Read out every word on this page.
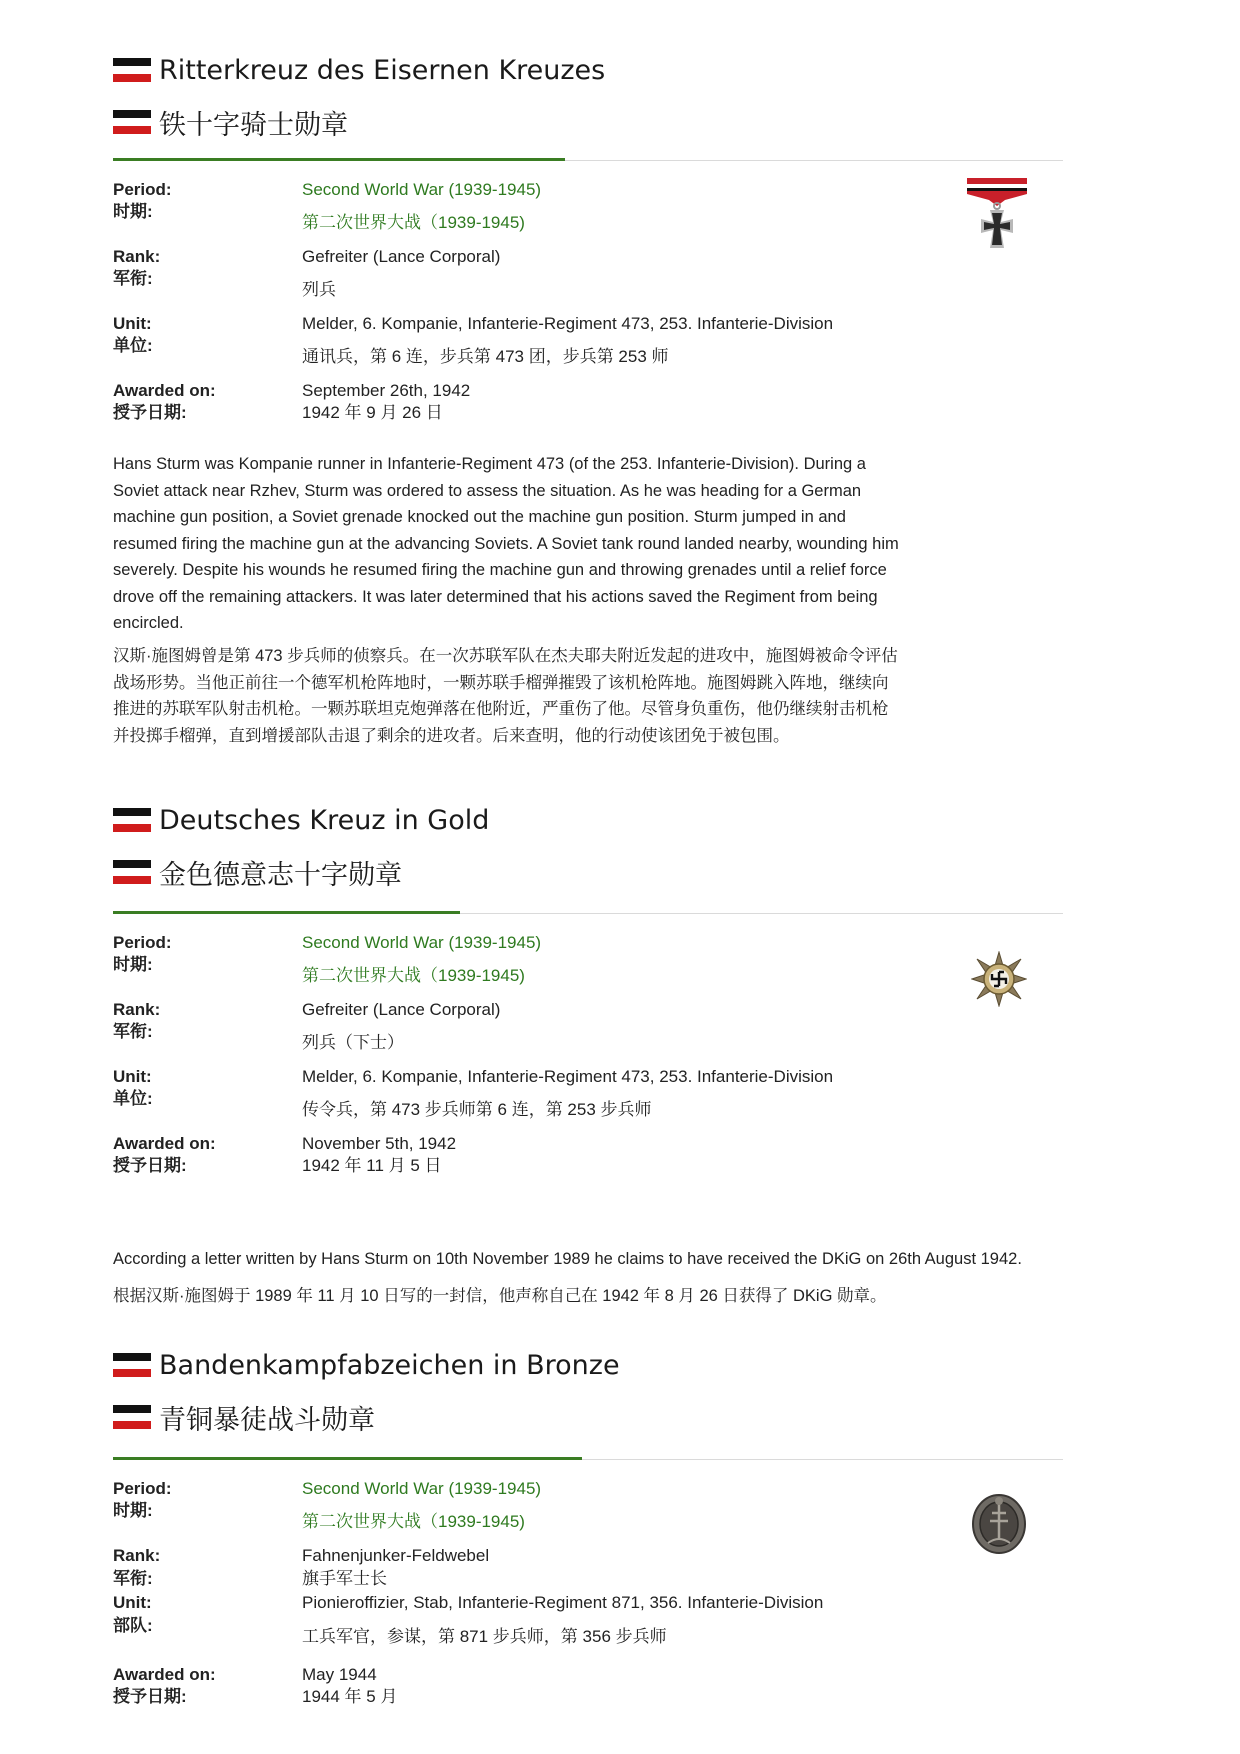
Ritterkreuz des Eisernen Kreuzes
铁十字骑士勋章
Period:
时期:
Second World War (1939-1945)
第二次世界大战（1939-1945)
Rank:
军衔:
Gefreiter (Lance Corporal)
列兵
Unit:
单位:
Melder, 6. Kompanie, Infanterie-Regiment 473, 253. Infanterie-Division
通讯兵，第 6 连，步兵第 473 团，步兵第 253 师
Awarded on:
授予日期:
September 26th, 1942
1942 年 9 月 26 日
Hans Sturm was Kompanie runner in Infanterie-Regiment 473 (of the 253. Infanterie-Division). During a Soviet attack near Rzhev, Sturm was ordered to assess the situation. As he was heading for a German machine gun position, a Soviet grenade knocked out the machine gun position. Sturm jumped in and resumed firing the machine gun at the advancing Soviets. A Soviet tank round landed nearby, wounding him severely. Despite his wounds he resumed firing the machine gun and throwing grenades until a relief force drove off the remaining attackers. It was later determined that his actions saved the Regiment from being encircled.
汉斯·施图姆曾是第 473 步兵师的侦察兵。在一次苏联军队在杰夫耶夫附近发起的进攻中，施图姆被命令评估战场形势。当他正前往一个德军机枪阵地时，一颗苏联手榴弹摧毁了该机枪阵地。施图姆跳入阵地，继续向推进的苏联军队射击机枪。一颗苏联坦克炮弹落在他附近，严重伤了他。尽管身负重伤，他仍继续射击机枪并投掷手榴弹，直到增援部队击退了剩余的进攻者。后来查明，他的行动使该团免于被包围。
Deutsches Kreuz in Gold
金色德意志十字勋章
Period:
时期:
Second World War (1939-1945)
第二次世界大战（1939-1945)
Rank:
军衔:
Gefreiter (Lance Corporal)
列兵（下士）
Unit:
单位:
Melder, 6. Kompanie, Infanterie-Regiment 473, 253. Infanterie-Division
传令兵，第 473 步兵师第 6 连，第 253 步兵师
Awarded on:
授予日期:
November 5th, 1942
1942 年 11 月 5 日
According a letter written by Hans Sturm on 10th November 1989 he claims to have received the DKiG on 26th August 1942.
根据汉斯·施图姆于 1989 年 11 月 10 日写的一封信，他声称自己在 1942 年 8 月 26 日获得了 DKiG 勋章。
Bandenkampfabzeichen in Bronze
青铜暴徒战斗勋章
Period:
时期:
Second World War (1939-1945)
第二次世界大战（1939-1945)
Rank:
军衔:
Fahnenjunker-Feldwebel
旗手军士长
Unit:
部队:
Pionieroffizier, Stab, Infanterie-Regiment 871, 356. Infanterie-Division
工兵军官，参谋，第 871 步兵师，第 356 步兵师
Awarded on:
授予日期:
May 1944
1944 年 5 月
